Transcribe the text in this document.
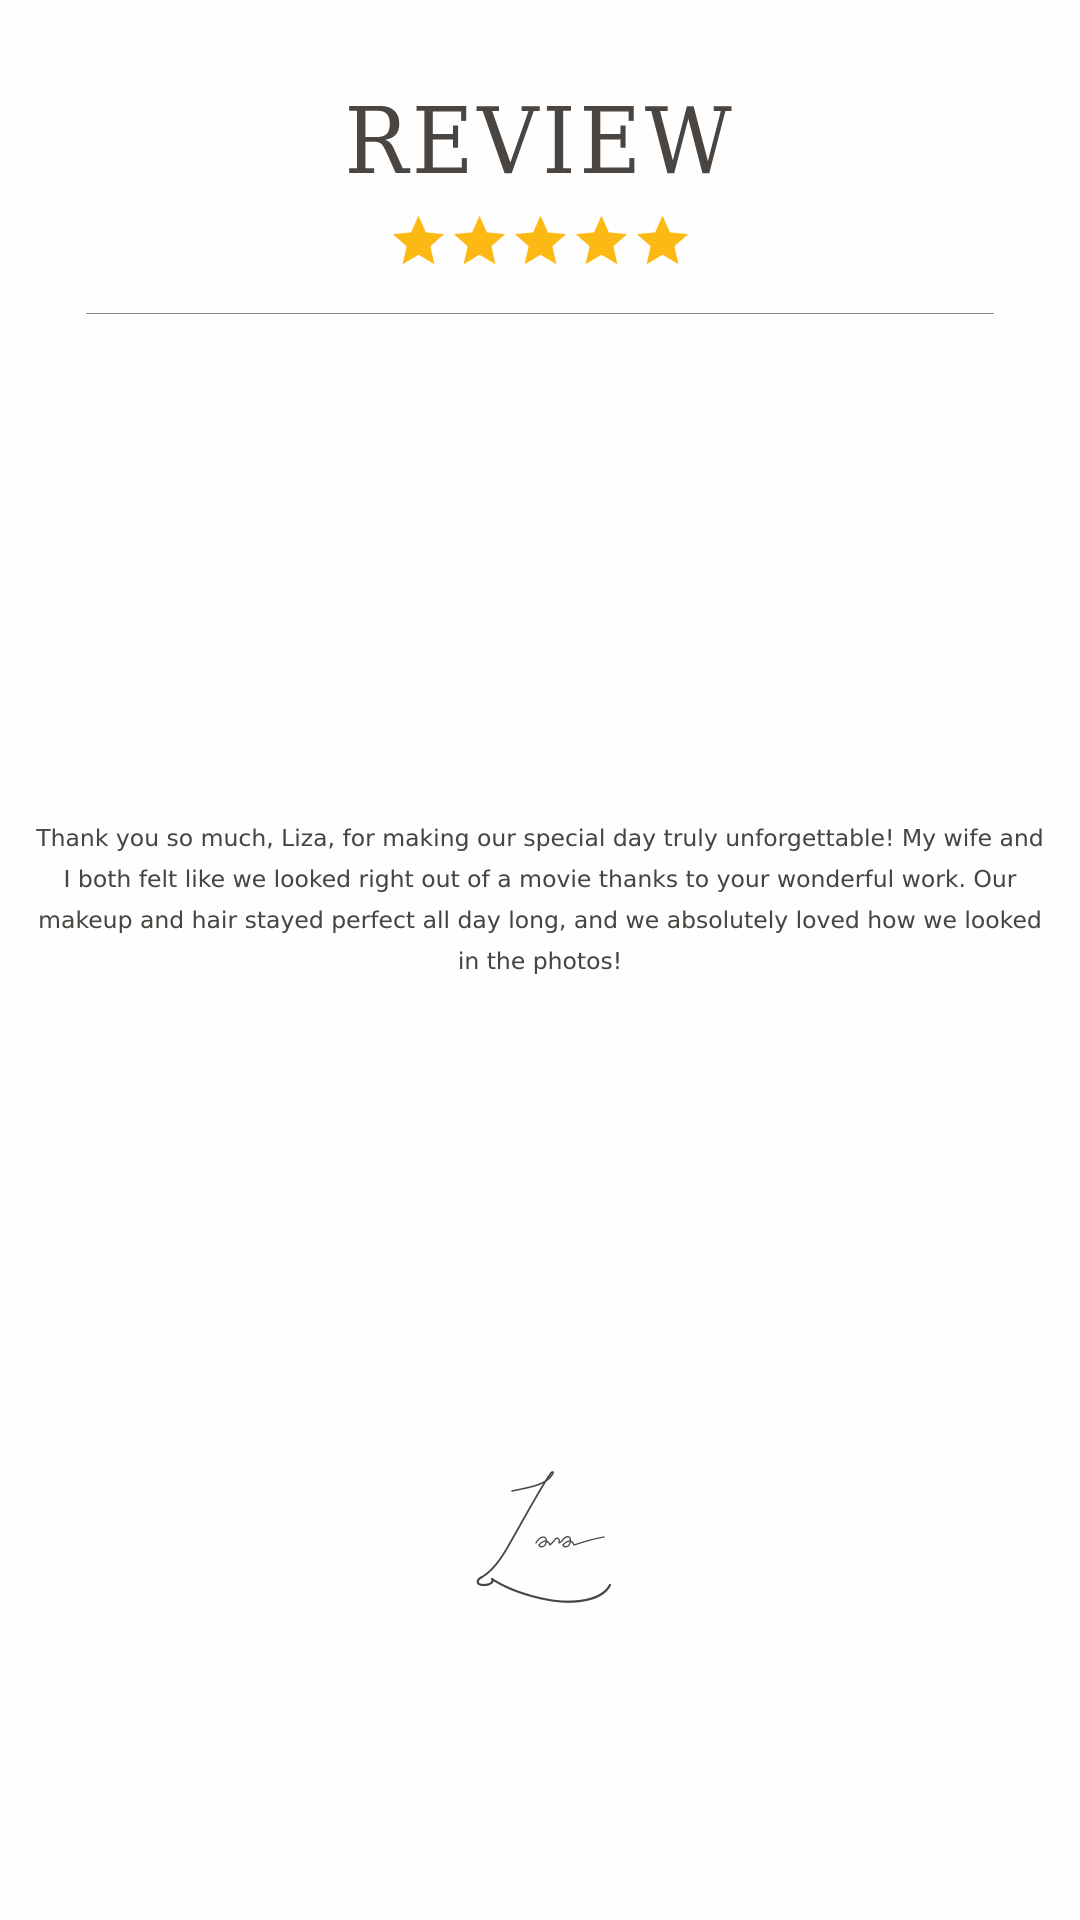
REVIEW
Thank you so much, Liza, for making our special day truly unforgettable! My wife and I both felt like we looked right out of a movie thanks to your wonderful work. Our makeup and hair stayed perfect all day long, and we absolutely loved how we looked in the photos!
